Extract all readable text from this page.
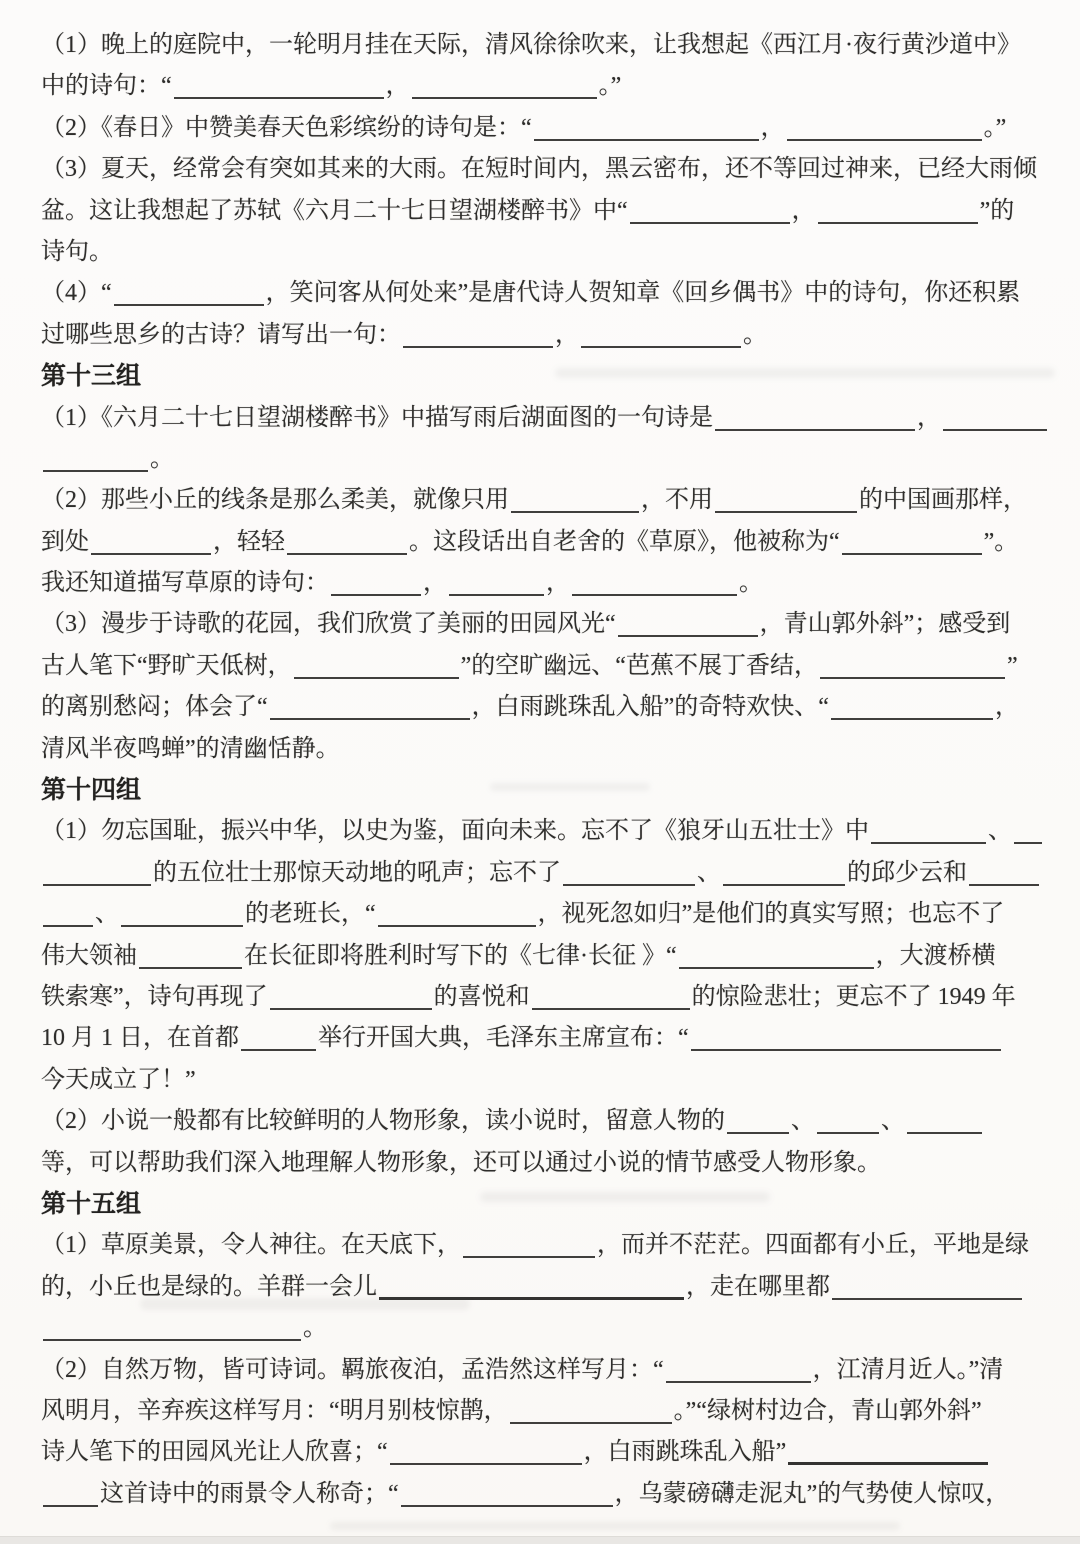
（1）晚上的庭院中，一轮明月挂在天际，清风徐徐吹来，让我想起《西江月·夜行黄沙道中》
中的诗句：“	，	。”
（2）《春日》中赞美春天色彩缤纷的诗句是：“	，	。”
（3）夏天，经常会有突如其来的大雨。在短时间内，黑云密布，还不等回过神来，已经大雨倾
盆。这让我想起了苏轼《六月二十七日望湖楼醉书》中“	，	”的
诗句。
（4）“	，笑问客从何处来”是唐代诗人贺知章《回乡偶书》中的诗句，你还积累
过哪些思乡的古诗？请写出一句：	，	。
第十三组
（1）《六月二十七日望湖楼醉书》中描写雨后湖面图的一句诗是	，
。
（2）那些小丘的线条是那么柔美，就像只用	，不用	的中国画那样，
到处	，轻轻	。这段话出自老舍的《草原》，他被称为“	”。
我还知道描写草原的诗句：	，	，	。
（3）漫步于诗歌的花园，我们欣赏了美丽的田园风光“	，青山郭外斜”；感受到
古人笔下“野旷天低树，	”的空旷幽远、“芭蕉不展丁香结，	”
的离别愁闷；体会了“	，白雨跳珠乱入船”的奇特欢快、“	，
清风半夜鸣蝉”的清幽恬静。
第十四组
（1）勿忘国耻，振兴中华，以史为鉴，面向未来。忘不了《狼牙山五壮士》中	、
的五位壮士那惊天动地的吼声；忘不了	、	的邱少云和
、	的老班长，“	，视死忽如归”是他们的真实写照；也忘不了
伟大领袖	在长征即将胜利时写下的《七律·长征 》“	，大渡桥横
铁索寒”，诗句再现了	的喜悦和	的惊险悲壮；更忘不了 1949 年
10 月 1 日，在首都	举行开国大典，毛泽东主席宣布：“
今天成立了！”
（2）小说一般都有比较鲜明的人物形象，读小说时，留意人物的	、	、
等，可以帮助我们深入地理解人物形象，还可以通过小说的情节感受人物形象。
第十五组
（1）草原美景，令人神往。在天底下，	，而并不茫茫。四面都有小丘，平地是绿
的，小丘也是绿的。羊群一会儿	，走在哪里都
。
（2）自然万物，皆可诗词。羁旅夜泊，孟浩然这样写月：“	，江清月近人。”清
风明月，辛弃疾这样写月：“明月别枝惊鹊，	。”“绿树村边合，青山郭外斜”
诗人笔下的田园风光让人欣喜；“	，白雨跳珠乱入船”
这首诗中的雨景令人称奇；“	，乌蒙磅礴走泥丸”的气势使人惊叹，
